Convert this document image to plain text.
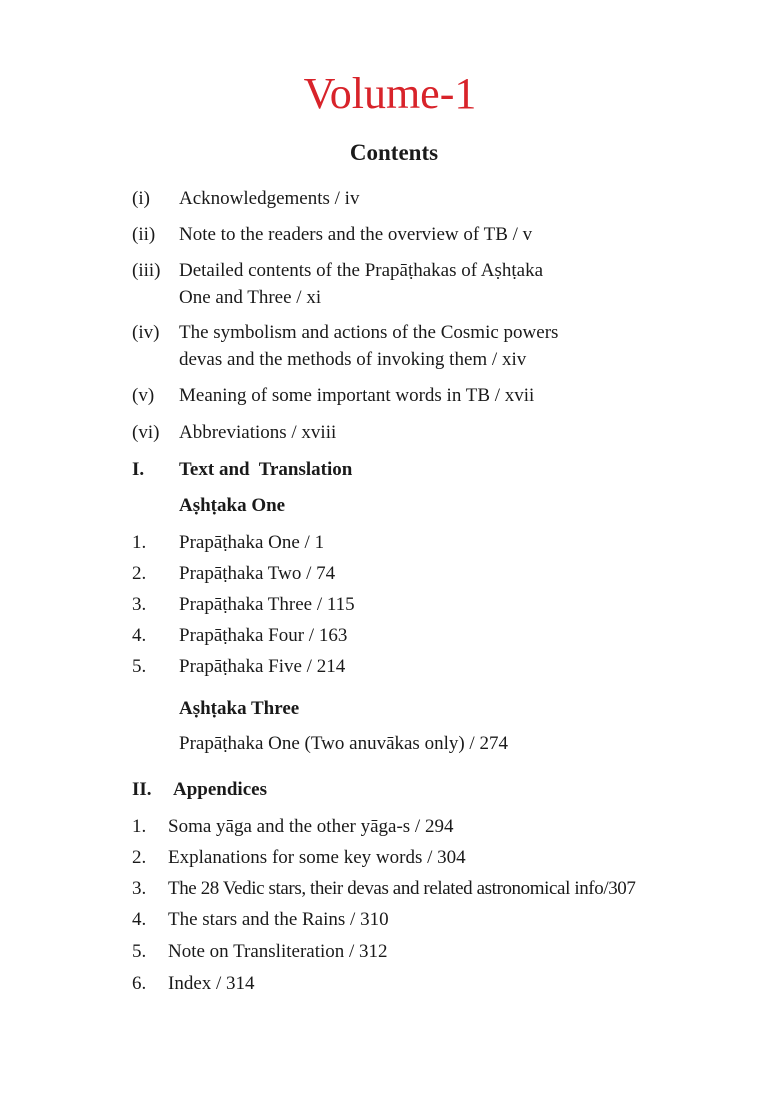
Volume-1
Contents
(i) Acknowledgements / iv
(ii) Note to the readers and the overview of TB / v
(iii) Detailed contents of the Prapāṭhakas of Aṣhṭaka
One and Three / xi
(iv) The symbolism and actions of the Cosmic powers
devas and the methods of invoking them / xiv
(v) Meaning of some important words in TB / xvii
(vi) Abbreviations / xviii
I. Text and  Translation
Aṣhṭaka One
1. Prapāṭhaka One / 1
2. Prapāṭhaka Two / 74
3. Prapāṭhaka Three / 115
4. Prapāṭhaka Four / 163
5. Prapāṭhaka Five / 214
Aṣhṭaka Three
Prapāṭhaka One (Two anuvākas only) / 274
II. Appendices
1. Soma yāga and the other yāga-s / 294
2. Explanations for some key words / 304
3. The 28 Vedic stars, their devas and related astronomical info/307
4. The stars and the Rains / 310
5. Note on Transliteration / 312
6. Index / 314
